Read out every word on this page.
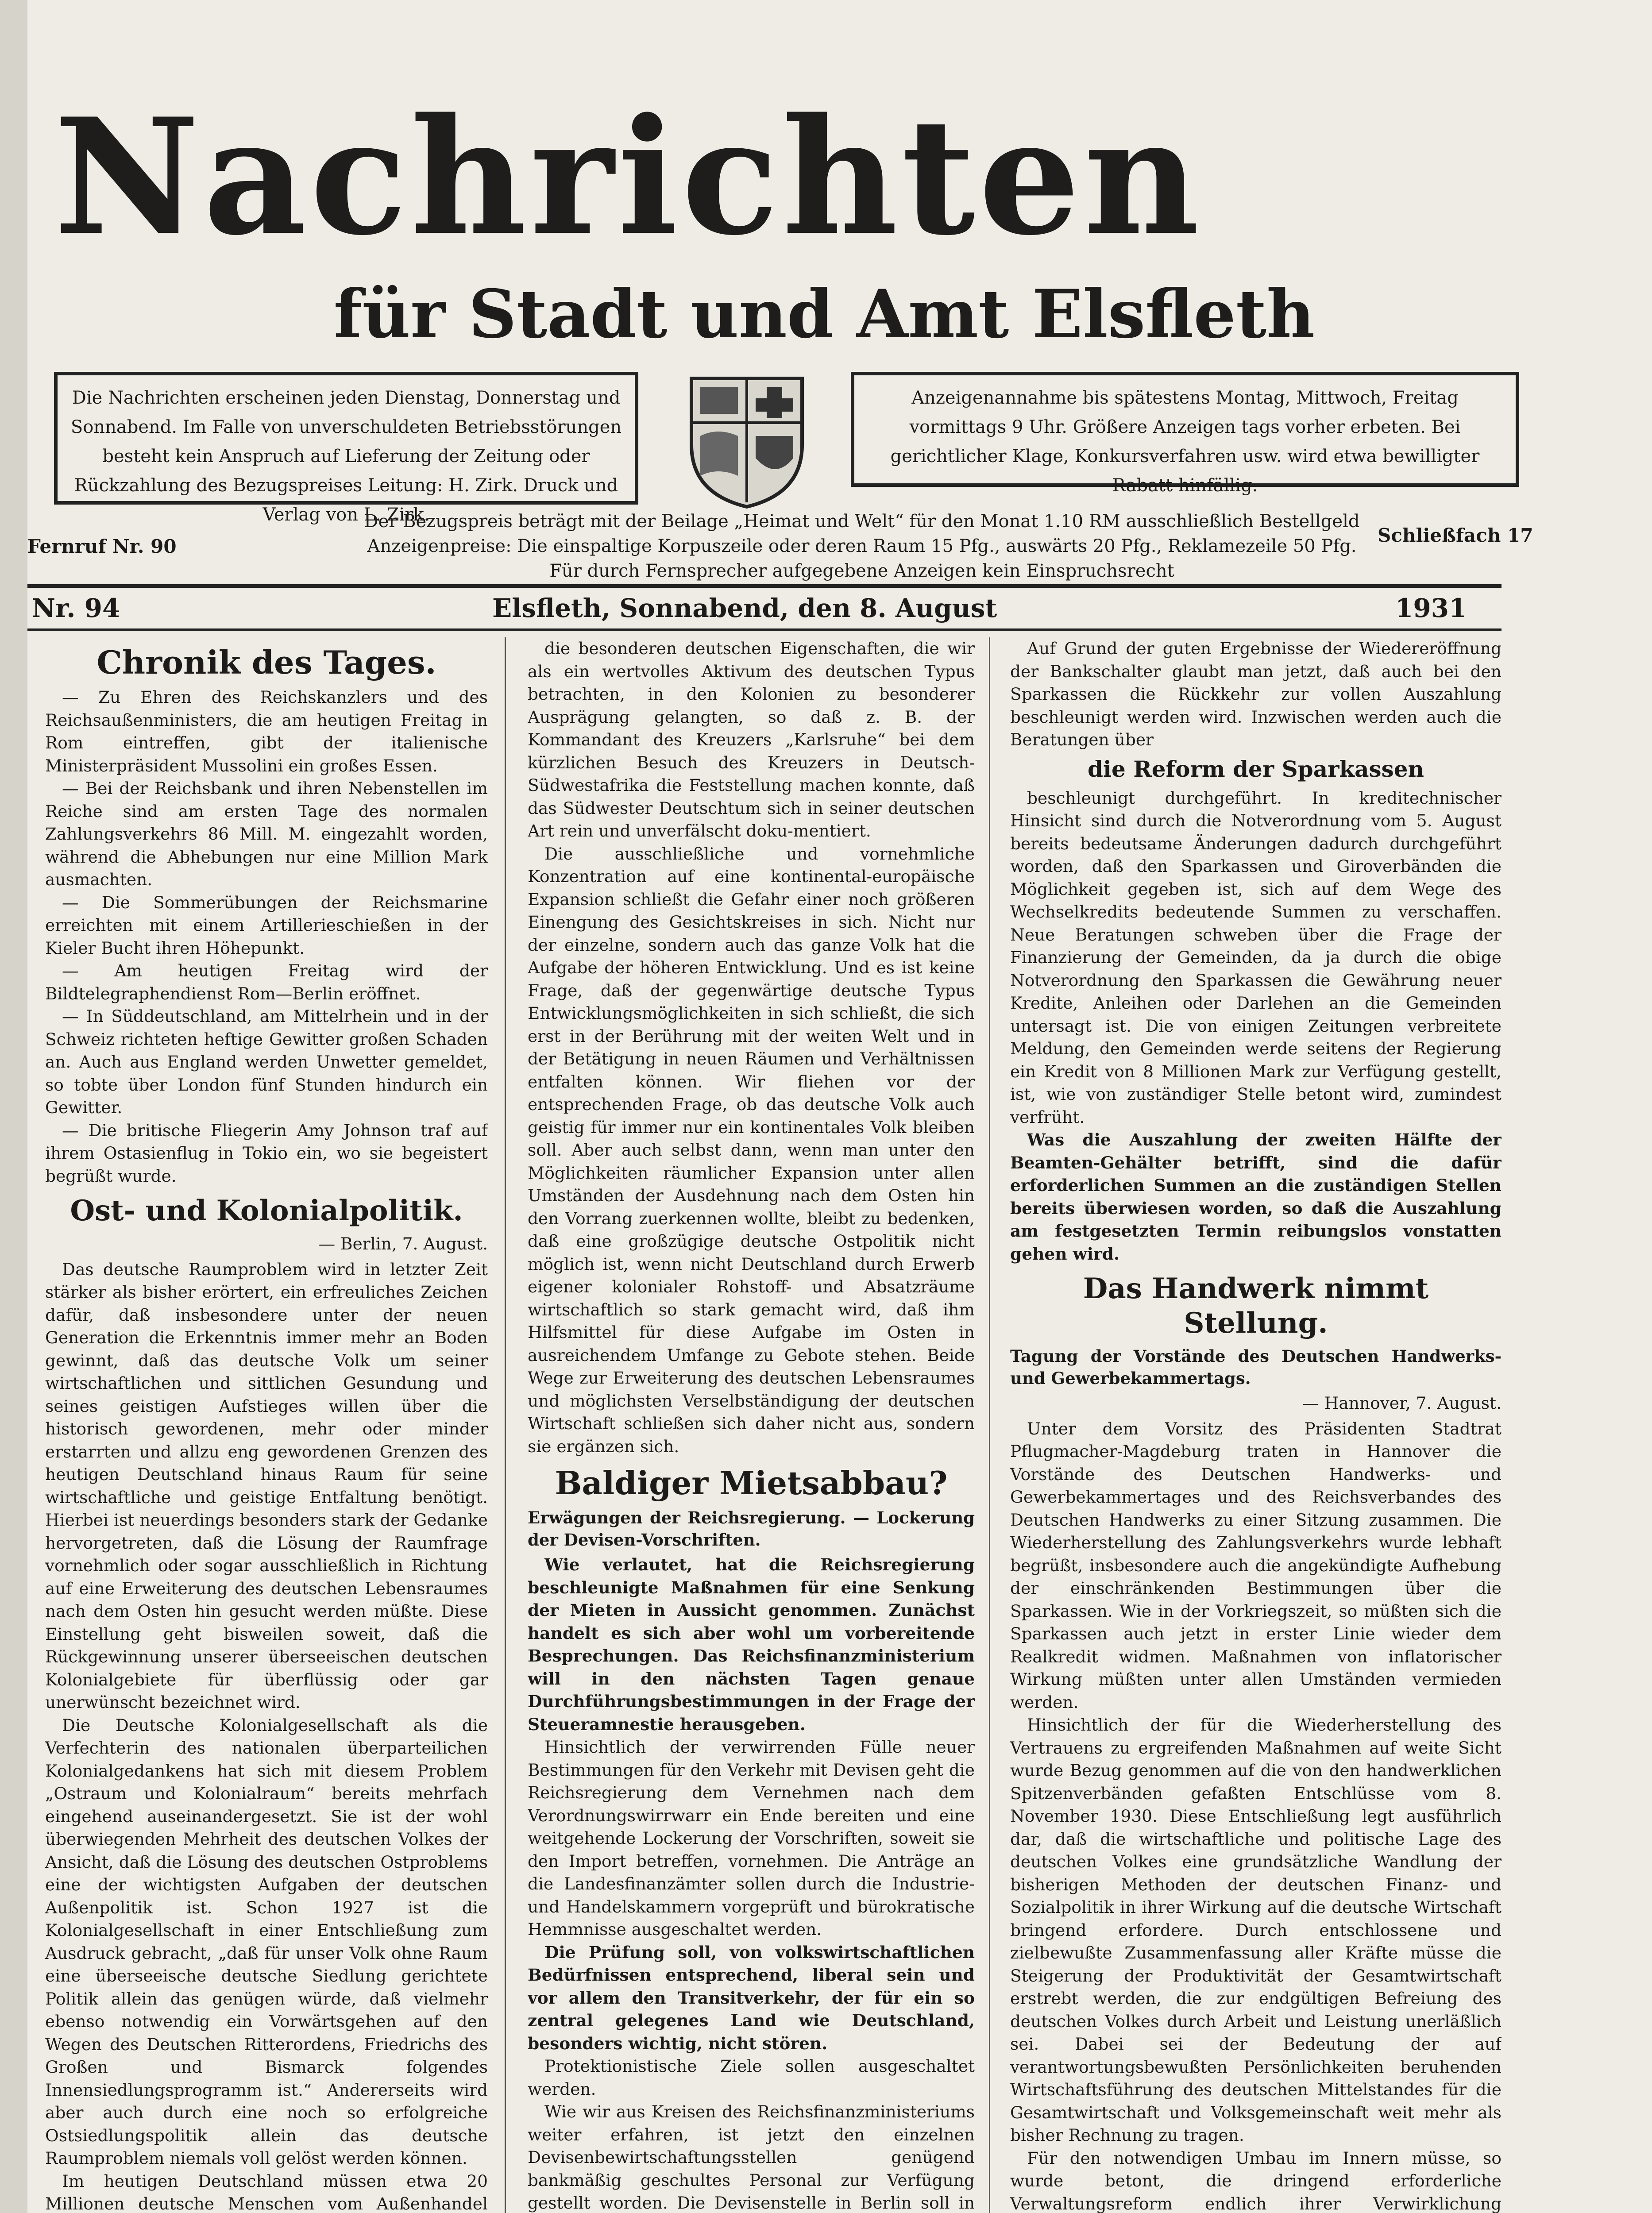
Nachrichten
für Stadt und Amt Elsfleth
Die Nachrichten erscheinen jeden Dienstag, Donnerstag und Sonnabend. Im Falle von unverschuldeten Betriebsstörungen besteht kein Anspruch auf Lieferung der Zeitung oder Rückzahlung des Bezugspreises Leitung: H. Zirk. Druck und Verlag von L. Zirk.
Anzeigenannahme bis spätestens Montag, Mittwoch, Freitag vormittags 9 Uhr. Größere Anzeigen tags vorher erbeten. Bei gerichtlicher Klage, Konkursverfahren usw. wird etwa bewilligter Rabatt hinfällig.
Der Bezugspreis beträgt mit der Beilage „Heimat und Welt“ für den Monat 1.10 RM ausschließlich Bestellgeld
Anzeigenpreise: Die einspaltige Korpuszeile oder deren Raum 15 Pfg., auswärts 20 Pfg., Reklamezeile 50 Pfg.
Für durch Fernsprecher aufgegebene Anzeigen kein Einspruchsrecht
Fernruf Nr. 90
Schließfach 17
Nr. 94	Elsfleth, Sonnabend, den 8. August	1931
Chronik des Tages.

— Zu Ehren des Reichskanzlers und des Reichsaußenministers, die am heutigen Freitag in Rom eintreffen, gibt der italienische Ministerpräsident Mussolini ein großes Essen.

— Bei der Reichsbank und ihren Nebenstellen im Reiche sind am ersten Tage des normalen Zahlungsverkehrs 86 Mill. M. eingezahlt worden, während die Abhebungen nur eine Million Mark ausmachten.

— Die Sommerübungen der Reichsmarine erreichten mit einem Artillerieschießen in der Kieler Bucht ihren Höhepunkt.

— Am heutigen Freitag wird der Bildtelegraphendienst Rom—Berlin eröffnet.

— In Süddeutschland, am Mittelrhein und in der Schweiz richteten heftige Gewitter großen Schaden an. Auch aus England werden Unwetter gemeldet, so tobte über London fünf Stunden hindurch ein Gewitter.

— Die britische Fliegerin Amy Johnson traf auf ihrem Ostasienflug in Tokio ein, wo sie begeistert begrüßt wurde.

Ost- und Kolonialpolitik.

— Berlin, 7. August.

Das deutsche Raumproblem wird in letzter Zeit stärker als bisher erörtert, ein erfreuliches Zeichen dafür, daß insbesondere unter der neuen Generation die Erkenntnis immer mehr an Boden gewinnt, daß das deutsche Volk um seiner wirtschaftlichen und sittlichen Gesundung und seines geistigen Aufstieges willen über die historisch gewordenen, mehr oder minder erstarrten und allzu eng gewordenen Grenzen des heutigen Deutschland hinaus Raum für seine wirtschaftliche und geistige Entfaltung benötigt. Hierbei ist neuerdings besonders stark der Gedanke hervorgetreten, daß die Lösung der Raumfrage vornehmlich oder sogar ausschließlich in Richtung auf eine Erweiterung des deutschen Lebensraumes nach dem Osten hin gesucht werden müßte. Diese Einstellung geht bisweilen soweit, daß die Rückgewinnung unserer überseeischen deutschen Kolonialgebiete für überflüssig oder gar unerwünscht bezeichnet wird.

Die Deutsche Kolonialgesellschaft als die Verfechterin des nationalen überparteilichen Kolonialgedankens hat sich mit diesem Problem „Ostraum und Kolonialraum“ bereits mehrfach eingehend auseinandergesetzt. Sie ist der wohl überwiegenden Mehrheit des deutschen Volkes der Ansicht, daß die Lösung des deutschen Ostproblems eine der wichtigsten Aufgaben der deutschen Außenpolitik ist. Schon 1927 ist die Kolonialgesellschaft in einer Entschließung zum Ausdruck gebracht, „daß für unser Volk ohne Raum eine überseeische deutsche Siedlung gerichtete Politik allein das genügen würde, daß vielmehr ebenso notwendig ein Vorwärtsgehen auf den Wegen des Deutschen Ritterordens, Friedrichs des Großen und Bismarck folgendes Innensiedlungsprogramm ist.“ Andererseits wird aber auch durch eine noch so erfolgreiche Ostsiedlungspolitik allein das deutsche Raumproblem niemals voll gelöst werden können.

Im heutigen Deutschland müssen etwa 20 Millionen deutsche Menschen vom Außenhandel

die besonderen deutschen Eigenschaften, die wir als ein wertvolles Aktivum des deutschen Typus betrachten, in den Kolonien zu besonderer Ausprägung gelangten, so daß z. B. der Kommandant des Kreuzers „Karlsruhe“ bei dem kürzlichen Besuch des Kreuzers in Deutsch-Südwestafrika die Feststellung machen konnte, daß das Südwester Deutschtum sich in seiner deutschen Art rein und unverfälscht doku-mentiert.

Die ausschließliche und vornehmliche Konzentration auf eine kontinental-europäische Expansion schließt die Gefahr einer noch größeren Einengung des Gesichtskreises in sich. Nicht nur der einzelne, sondern auch das ganze Volk hat die Aufgabe der höheren Entwicklung. Und es ist keine Frage, daß der gegenwärtige deutsche Typus Entwicklungsmöglichkeiten in sich schließt, die sich erst in der Berührung mit der weiten Welt und in der Betätigung in neuen Räumen und Verhältnissen entfalten können. Wir fliehen vor der entsprechenden Frage, ob das deutsche Volk auch geistig für immer nur ein kontinentales Volk bleiben soll. Aber auch selbst dann, wenn man unter den Möglichkeiten räumlicher Expansion unter allen Umständen der Ausdehnung nach dem Osten hin den Vorrang zuerkennen wollte, bleibt zu bedenken, daß eine großzügige deutsche Ostpolitik nicht möglich ist, wenn nicht Deutschland durch Erwerb eigener kolonialer Rohstoff- und Absatzräume wirtschaftlich so stark gemacht wird, daß ihm Hilfsmittel für diese Aufgabe im Osten in ausreichendem Umfange zu Gebote stehen. Beide Wege zur Erweiterung des deutschen Lebensraumes und möglichsten Verselbständigung der deutschen Wirtschaft schließen sich daher nicht aus, sondern sie ergänzen sich.

Baldiger Mietsabbau?

Erwägungen der Reichsregierung. — Lockerung der Devisen-Vorschriften.

Wie verlautet, hat die Reichsregierung beschleunigte Maßnahmen für eine Senkung der Mieten in Aussicht genommen. Zunächst handelt es sich aber wohl um vorbereitende Besprechungen. Das Reichsfinanzministerium will in den nächsten Tagen genaue Durchführungsbestimmungen in der Frage der Steueramnestie herausgeben.

Hinsichtlich der verwirrenden Fülle neuer Bestimmungen für den Verkehr mit Devisen geht die Reichsregierung dem Vernehmen nach dem Verordnungswirrwarr ein Ende bereiten und eine weitgehende Lockerung der Vorschriften, soweit sie den Import betreffen, vornehmen. Die Anträge an die Landesfinanzämter sollen durch die Industrie- und Handelskammern vorgeprüft und bürokratische Hemmnisse ausgeschaltet werden.

Die Prüfung soll, von volkswirtschaftlichen Bedürfnissen entsprechend, liberal sein und vor allem den Transitverkehr, der für ein so zentral gelegenes Land wie Deutschland, besonders wichtig, nicht stören.

Protektionistische Ziele sollen ausgeschaltet werden.

Wie wir aus Kreisen des Reichsfinanzministeriums weiter erfahren, ist jetzt den einzelnen Devisenbewirtschaftungsstellen genügend bankmäßig geschultes Personal zur Verfügung gestellt worden. Die Devisenstelle in Berlin soll in

Auf Grund der guten Ergebnisse der Wiedereröffnung der Bankschalter glaubt man jetzt, daß auch bei den Sparkassen die Rückkehr zur vollen Auszahlung beschleunigt werden wird. Inzwischen werden auch die Beratungen über

die Reform der Sparkassen

beschleunigt durchgeführt. In kreditechnischer Hinsicht sind durch die Notverordnung vom 5. August bereits bedeutsame Änderungen dadurch durchgeführt worden, daß den Sparkassen und Giroverbänden die Möglichkeit gegeben ist, sich auf dem Wege des Wechselkredits bedeutende Summen zu verschaffen. Neue Beratungen schweben über die Frage der Finanzierung der Gemeinden, da ja durch die obige Notverordnung den Sparkassen die Gewährung neuer Kredite, Anleihen oder Darlehen an die Gemeinden untersagt ist. Die von einigen Zeitungen verbreitete Meldung, den Gemeinden werde seitens der Regierung ein Kredit von 8 Millionen Mark zur Verfügung gestellt, ist, wie von zuständiger Stelle betont wird, zumindest verfrüht.

Was die Auszahlung der zweiten Hälfte der Beamten-Gehälter betrifft, sind die dafür erforderlichen Summen an die zuständigen Stellen bereits überwiesen worden, so daß die Auszahlung am festgesetzten Termin reibungslos vonstatten gehen wird.

Das Handwerk nimmt Stellung.

Tagung der Vorstände des Deutschen Handwerks- und Gewerbekammertags.

— Hannover, 7. August.

Unter dem Vorsitz des Präsidenten Stadtrat Pflugmacher-Magdeburg traten in Hannover die Vorstände des Deutschen Handwerks- und Gewerbekammertages und des Reichsverbandes des Deutschen Handwerks zu einer Sitzung zusammen. Die Wiederherstellung des Zahlungsverkehrs wurde lebhaft begrüßt, insbesondere auch die angekündigte Aufhebung der einschränkenden Bestimmungen über die Sparkassen. Wie in der Vorkriegszeit, so müßten sich die Sparkassen auch jetzt in erster Linie wieder dem Realkredit widmen. Maßnahmen von inflatorischer Wirkung müßten unter allen Umständen vermieden werden.

Hinsichtlich der für die Wiederherstellung des Vertrauens zu ergreifenden Maßnahmen auf weite Sicht wurde Bezug genommen auf die von den handwerklichen Spitzenverbänden gefaßten Entschlüsse vom 8. November 1930. Diese Entschließung legt ausführlich dar, daß die wirtschaftliche und politische Lage des deutschen Volkes eine grundsätzliche Wandlung der bisherigen Methoden der deutschen Finanz- und Sozialpolitik in ihrer Wirkung auf die deutsche Wirtschaft bringend erfordere. Durch entschlossene und zielbewußte Zusammenfassung aller Kräfte müsse die Steigerung der Produktivität der Gesamtwirtschaft erstrebt werden, die zur endgültigen Befreiung des deutschen Volkes durch Arbeit und Leistung unerläßlich sei. Dabei sei der Bedeutung der auf verantwortungsbewußten Persönlichkeiten beruhenden Wirtschaftsführung des deutschen Mittelstandes für die Gesamtwirtschaft und Volksgemeinschaft weit mehr als bisher Rechnung zu tragen.

Für den notwendigen Umbau im Innern müsse, so wurde betont, die dringend erforderliche Verwaltungsreform endlich ihrer Verwirklichung
